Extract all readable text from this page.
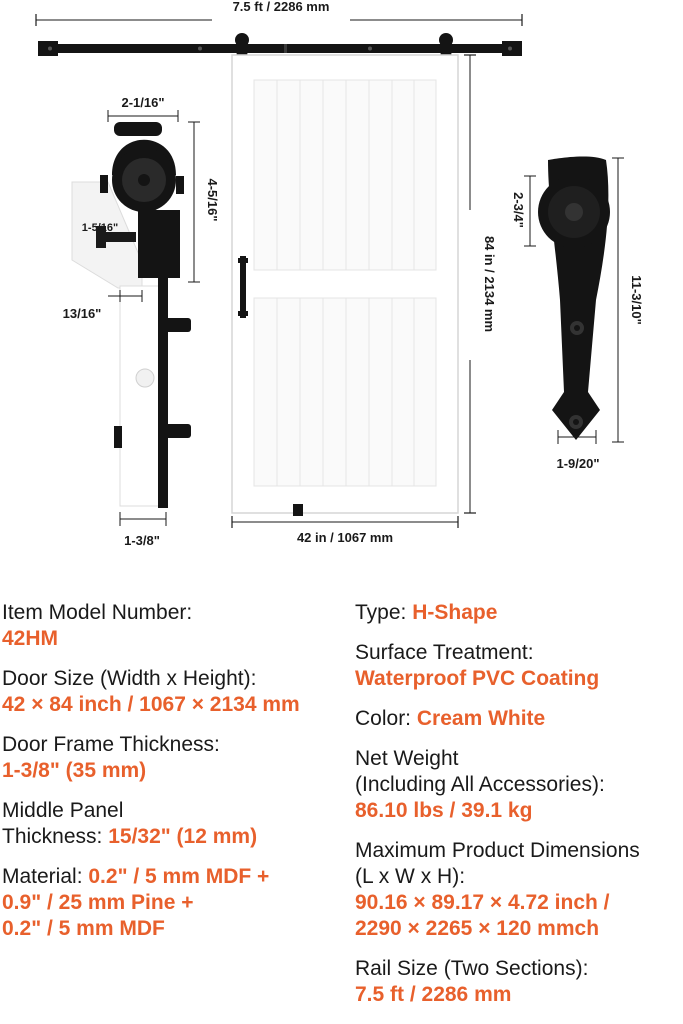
7.5 ft / 2286 mm
42 in / 1067 mm
84 in / 2134 mm
2-1/16"
4-5/16"
1-5/16"
13/16"
1-3/8"
2-3/4"
11-3/10"
1-9/20"
Item Model Number:
42HM
Door Size (Width x Height):
42 × 84 inch / 1067 × 2134 mm
Door Frame Thickness:
1-3/8" (35 mm)
Middle Panel
Thickness: 15/32" (12 mm)
Material: 0.2" / 5 mm MDF +
0.9" / 25 mm Pine +
0.2" / 5 mm MDF
Type: H-Shape
Surface Treatment:
Waterproof PVC Coating
Color: Cream White
Net Weight
(Including All Accessories):
86.10 lbs / 39.1 kg
Maximum Product Dimensions
(L x W x H):
90.16 × 89.17 × 4.72 inch /
2290 × 2265 × 120 mmch
Rail Size (Two Sections):
7.5 ft / 2286 mm
